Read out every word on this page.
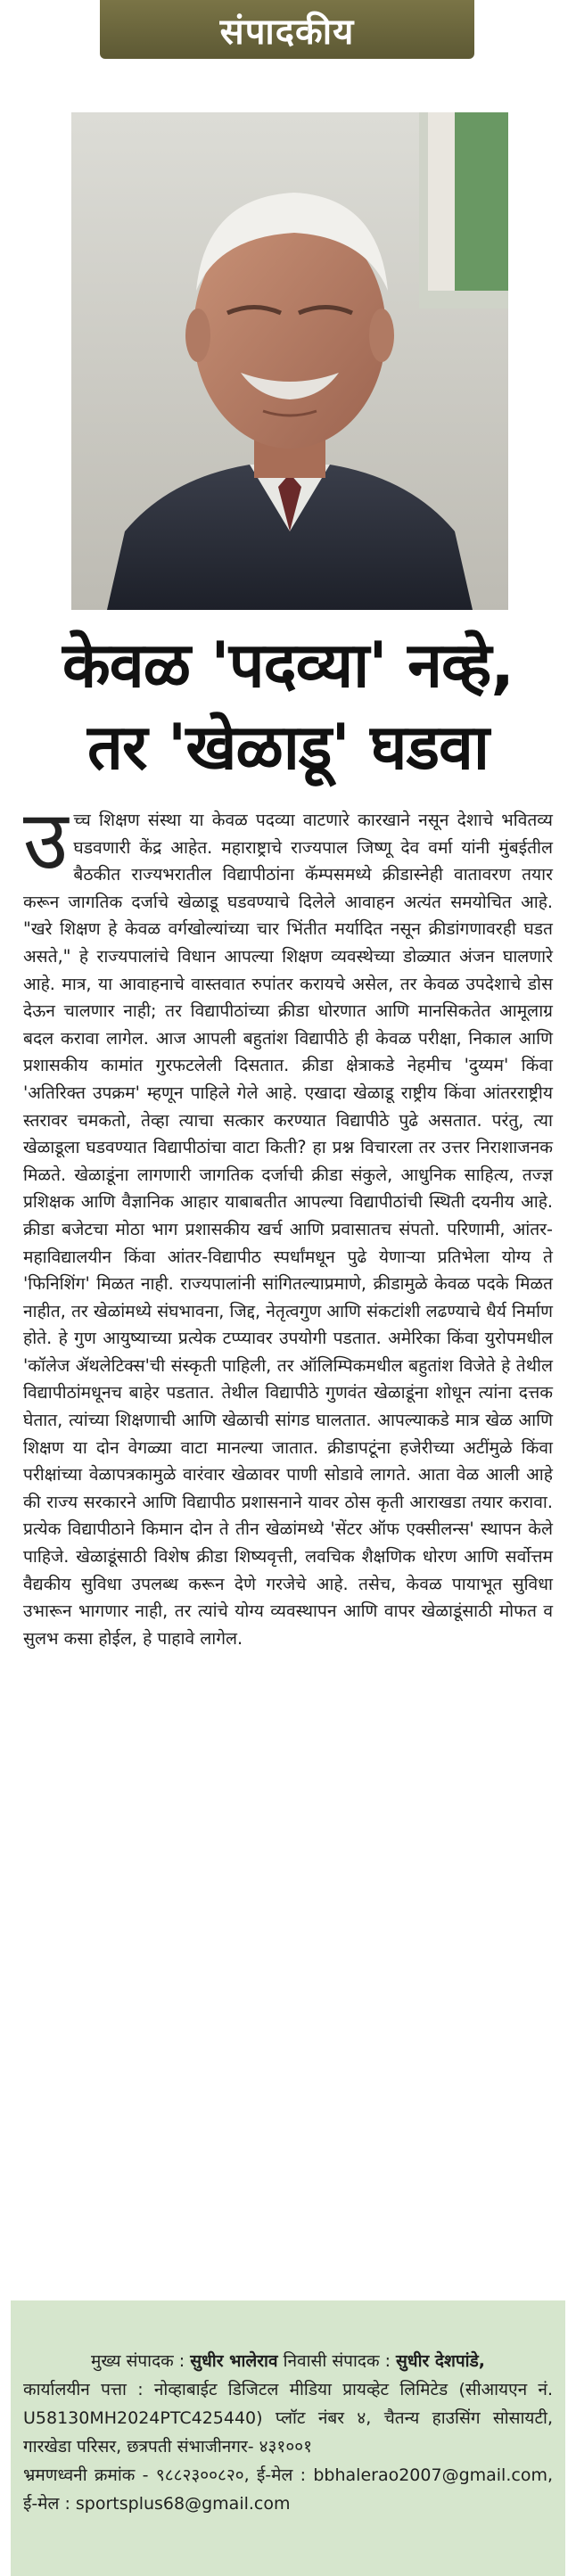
संपादकीय
केवळ 'पदव्या' नव्हे,
तर 'खेळाडू' घडवा
उच्च शिक्षण संस्था या केवळ पदव्या वाटणारे कारखाने नसून देशाचे भवितव्य घडवणारी केंद्र आहेत. महाराष्ट्राचे राज्यपाल जिष्णू देव वर्मा यांनी मुंबईतील बैठकीत राज्यभरातील विद्यापीठांना कॅम्पसमध्ये क्रीडास्नेही वातावरण तयार करून जागतिक दर्जाचे खेळाडू घडवण्याचे दिलेले आवाहन अत्यंत समयोचित आहे. "खरे शिक्षण हे केवळ वर्गखोल्यांच्या चार भिंतीत मर्यादित नसून क्रीडांगणावरही घडत असते," हे राज्यपालांचे विधान आपल्या शिक्षण व्यवस्थेच्या डोळ्यात अंजन घालणारे आहे. मात्र, या आवाहनाचे वास्तवात रुपांतर करायचे असेल, तर केवळ उपदेशाचे डोस देऊन चालणार नाही; तर विद्यापीठांच्या क्रीडा धोरणात आणि मानसिकतेत आमूलाग्र बदल करावा लागेल. आज आपली बहुतांश विद्यापीठे ही केवळ परीक्षा, निकाल आणि प्रशासकीय कामांत गुरफटलेली दिसतात. क्रीडा क्षेत्राकडे नेहमीच 'दुय्यम' किंवा 'अतिरिक्त उपक्रम' म्हणून पाहिले गेले आहे. एखादा खेळाडू राष्ट्रीय किंवा आंतरराष्ट्रीय स्तरावर चमकतो, तेव्हा त्याचा सत्कार करण्यात विद्यापीठे पुढे असतात. परंतु, त्या खेळाडूला घडवण्यात विद्यापीठांचा वाटा किती? हा प्रश्न विचारला तर उत्तर निराशाजनक मिळते. खेळाडूंना लागणारी जागतिक दर्जाची क्रीडा संकुले, आधुनिक साहित्य, तज्ज्ञ प्रशिक्षक आणि वैज्ञानिक आहार याबाबतीत आपल्या विद्यापीठांची स्थिती दयनीय आहे. क्रीडा बजेटचा मोठा भाग प्रशासकीय खर्च आणि प्रवासातच संपतो. परिणामी, आंतर-महाविद्यालयीन किंवा आंतर-विद्यापीठ स्पर्धांमधून पुढे येणाऱ्या प्रतिभेला योग्य ते 'फिनिशिंग' मिळत नाही. राज्यपालांनी सांगितल्याप्रमाणे, क्रीडामुळे केवळ पदके मिळत नाहीत, तर खेळांमध्ये संघभावना, जिद्द, नेतृत्वगुण आणि संकटांशी लढण्याचे धैर्य निर्माण होते. हे गुण आयुष्याच्या प्रत्येक टप्प्यावर उपयोगी पडतात. अमेरिका किंवा युरोपमधील 'कॉलेज ॲथलेटिक्स'ची संस्कृती पाहिली, तर ऑलिम्पिकमधील बहुतांश विजेते हे तेथील विद्यापीठांमधूनच बाहेर पडतात. तेथील विद्यापीठे गुणवंत खेळाडूंना शोधून त्यांना दत्तक घेतात, त्यांच्या शिक्षणाची आणि खेळाची सांगड घालतात. आपल्याकडे मात्र खेळ आणि शिक्षण या दोन वेगळ्या वाटा मानल्या जातात. क्रीडापटूंना हजेरीच्या अटींमुळे किंवा परीक्षांच्या वेळापत्रकामुळे वारंवार खेळावर पाणी सोडावे लागते. आता वेळ आली आहे की राज्य सरकारने आणि विद्यापीठ प्रशासनाने यावर ठोस कृती आराखडा तयार करावा. प्रत्येक विद्यापीठाने किमान दोन ते तीन खेळांमध्ये 'सेंटर ऑफ एक्सीलन्स' स्थापन केले पाहिजे. खेळाडूंसाठी विशेष क्रीडा शिष्यवृत्ती, लवचिक शैक्षणिक धोरण आणि सर्वोत्तम वैद्यकीय सुविधा उपलब्ध करून देणे गरजेचे आहे. तसेच, केवळ पायाभूत सुविधा उभारून भागणार नाही, तर त्यांचे योग्य व्यवस्थापन आणि वापर खेळाडूंसाठी मोफत व सुलभ कसा होईल, हे पाहावे लागेल.
मुख्य संपादक : सुधीर भालेराव निवासी संपादक : सुधीर देशपांडे,
कार्यालयीन पत्ता : नोव्हाबाईट डिजिटल मीडिया प्रायव्हेट लिमिटेड (सीआयएन नं. U58130MH2024PTC425440) प्लॉट नंबर ४, चैतन्य हाउसिंग सोसायटी, गारखेडा परिसर, छत्रपती संभाजीनगर- ४३१००१
भ्रमणध्वनी क्रमांक - ९८८२३००८२०, ई-मेल : bbhalerao2007@gmail.com, ई-मेल : sportsplus68@gmail.com
